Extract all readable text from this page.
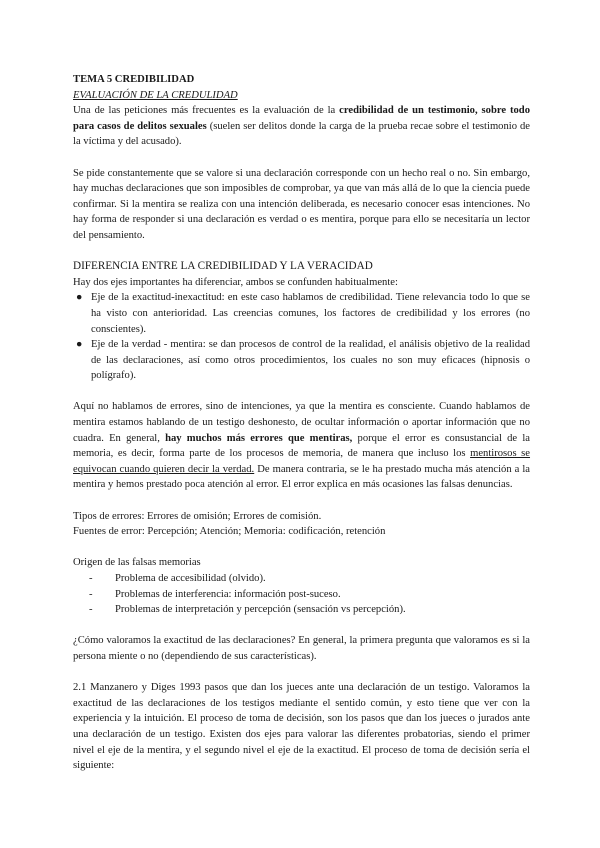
TEMA 5 CREDIBILIDAD

EVALUACIÓN DE LA CREDULIDAD

Una de las peticiones más frecuentes es la evaluación de la credibilidad de un testimonio, sobre todo para casos de delitos sexuales (suelen ser delitos donde la carga de la prueba recae sobre el testimonio de la víctima y del acusado).

Se pide constantemente que se valore si una declaración corresponde con un hecho real o no. Sin embargo, hay muchas declaraciones que son imposibles de comprobar, ya que van más allá de lo que la ciencia puede confirmar. Si la mentira se realiza con una intención deliberada, es necesario conocer esas intenciones. No hay forma de responder si una declaración es verdad o es mentira, porque para ello se necesitaría un lector del pensamiento.

DIFERENCIA ENTRE LA CREDIBILIDAD Y LA VERACIDAD

Hay dos ejes importantes ha diferenciar, ambos se confunden habitualmente:

● Eje de la exactitud-inexactitud: en este caso hablamos de credibilidad. Tiene relevancia todo lo que se ha visto con anterioridad. Las creencias comunes, los factores de credibilidad y los errores (no conscientes).
● Eje de la verdad - mentira: se dan procesos de control de la realidad, el análisis objetivo de la realidad de las declaraciones, así como otros procedimientos, los cuales no son muy eficaces (hipnosis o polígrafo).

Aquí no hablamos de errores, sino de intenciones, ya que la mentira es consciente. Cuando hablamos de mentira estamos hablando de un testigo deshonesto, de ocultar información o aportar información que no cuadra. En general, hay muchos más errores que mentiras, porque el error es consustancial de la memoria, es decir, forma parte de los procesos de memoria, de manera que incluso los mentirosos se equivocan cuando quieren decir la verdad. De manera contraria, se le ha prestado mucha más atención a la mentira y hemos prestado poca atención al error. El error explica en más ocasiones las falsas denuncias.

Tipos de errores: Errores de omisión; Errores de comisión.

Fuentes de error: Percepción; Atención; Memoria: codificación, retención

Origen de las falsas memorias

- Problema de accesibilidad (olvido).
- Problemas de interferencia: información post-suceso.
- Problemas de interpretación y percepción (sensación vs percepción).

¿Cómo valoramos la exactitud de las declaraciones? En general, la primera pregunta que valoramos es si la persona miente o no (dependiendo de sus características).

2.1 Manzanero y Diges 1993 pasos que dan los jueces ante una declaración de un testigo. Valoramos la exactitud de las declaraciones de los testigos mediante el sentido común, y esto tiene que ver con la experiencia y la intuición. El proceso de toma de decisión, son los pasos que dan los jueces o jurados ante una declaración de un testigo. Existen dos ejes para valorar las diferentes probatorias, siendo el primer nivel el eje de la mentira, y el segundo nivel el eje de la exactitud. El proceso de toma de decisión sería el siguiente:
